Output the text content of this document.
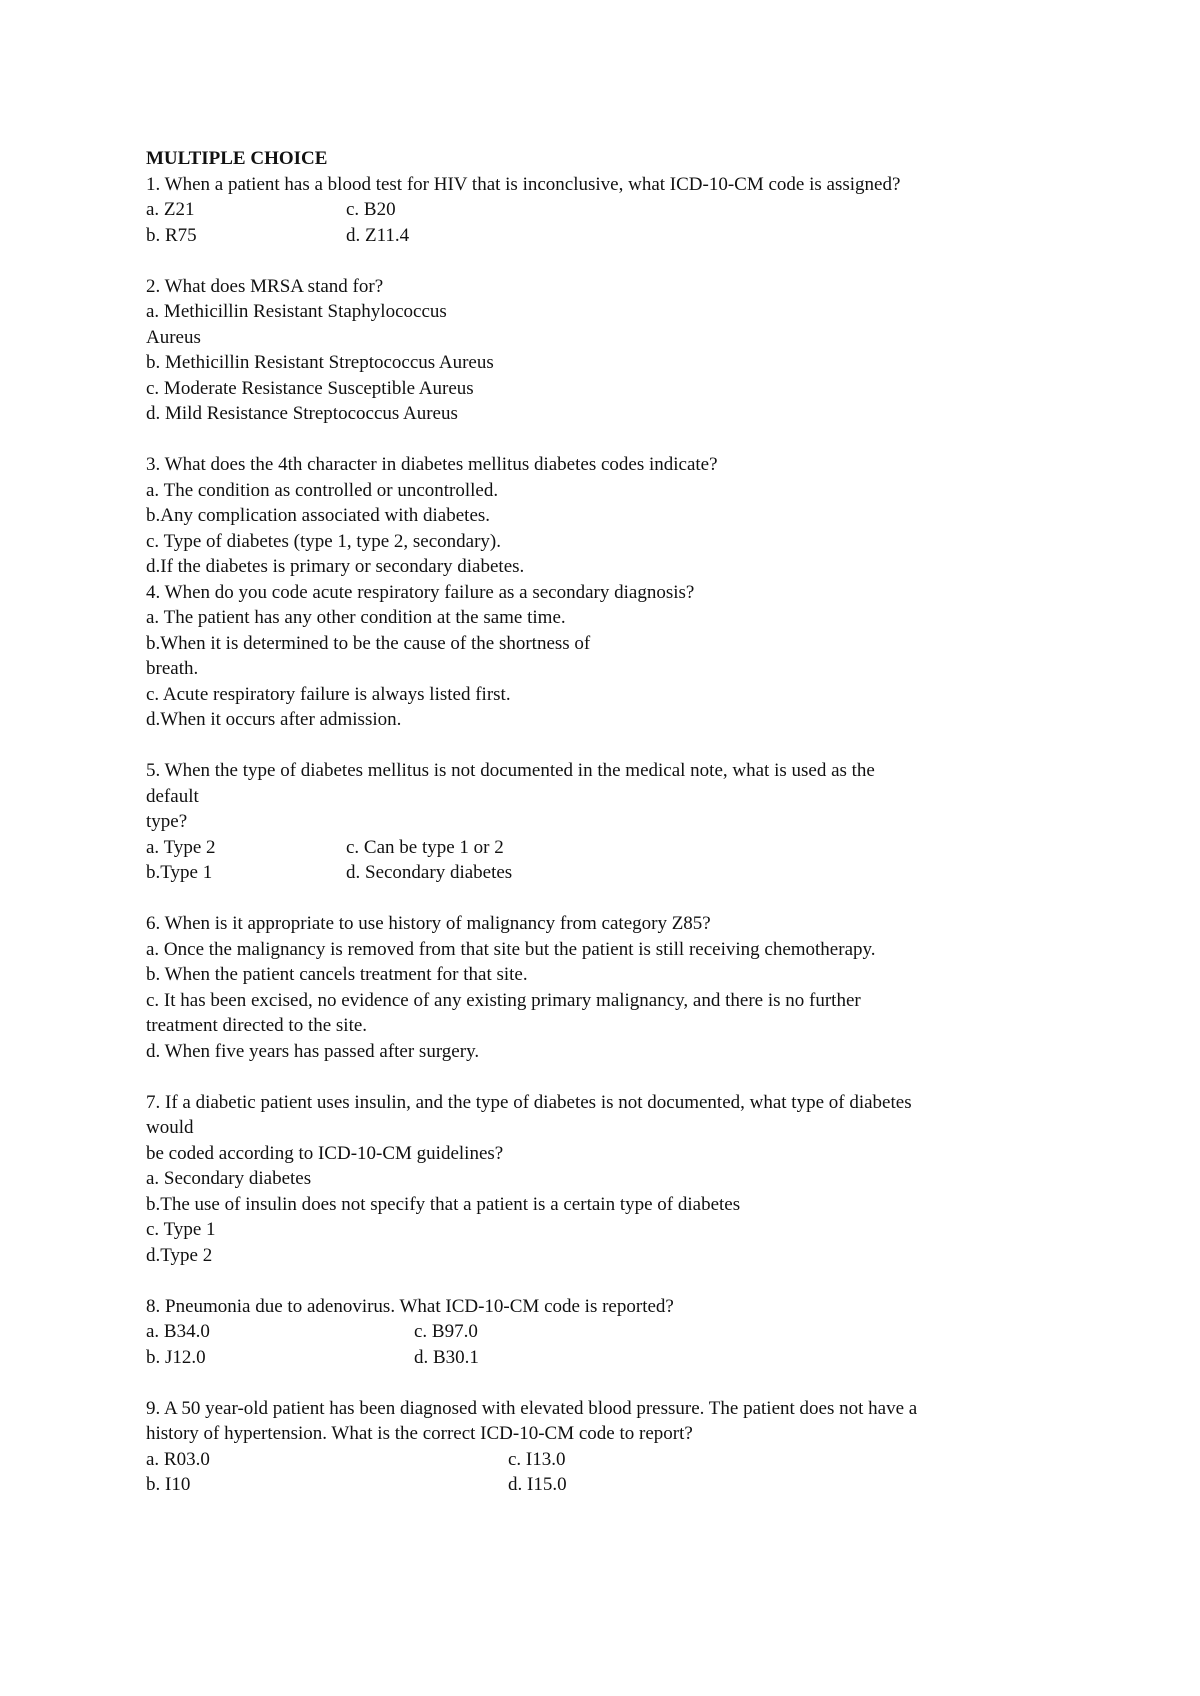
MULTIPLE CHOICE
1. When a patient has a blood test for HIV that is inconclusive, what ICD-10-CM code is assigned?
a. Z21	c. B20
b. R75	d. Z11.4
2. What does MRSA stand for?
a. Methicillin Resistant Staphylococcus
Aureus
b. Methicillin Resistant Streptococcus Aureus
c. Moderate Resistance Susceptible Aureus
d. Mild Resistance Streptococcus Aureus
3. What does the 4th character in diabetes mellitus diabetes codes indicate?
a. The condition as controlled or uncontrolled.
b.Any complication associated with diabetes.
c. Type of diabetes (type 1, type 2, secondary).
d.If the diabetes is primary or secondary diabetes.
4. When do you code acute respiratory failure as a secondary diagnosis?
a. The patient has any other condition at the same time.
b.When it is determined to be the cause of the shortness of
breath.
c. Acute respiratory failure is always listed first.
d.When it occurs after admission.
5. When the type of diabetes mellitus is not documented in the medical note, what is used as the
default
type?
a. Type 2	c. Can be type 1 or 2
b.Type 1	d. Secondary diabetes
6. When is it appropriate to use history of malignancy from category Z85?
a. Once the malignancy is removed from that site but the patient is still receiving chemotherapy.
b. When the patient cancels treatment for that site.
c. It has been excised, no evidence of any existing primary malignancy, and there is no further
treatment directed to the site.
d. When five years has passed after surgery.
7. If a diabetic patient uses insulin, and the type of diabetes is not documented, what type of diabetes
would
be coded according to ICD-10-CM guidelines?
a. Secondary diabetes
b.The use of insulin does not specify that a patient is a certain type of diabetes
c. Type 1
d.Type 2
8. Pneumonia due to adenovirus. What ICD-10-CM code is reported?
a. B34.0	c. B97.0
b. J12.0	d. B30.1
9. A 50 year-old patient has been diagnosed with elevated blood pressure. The patient does not have a
history of hypertension. What is the correct ICD-10-CM code to report?
a. R03.0	c. I13.0
b. I10	d. I15.0
